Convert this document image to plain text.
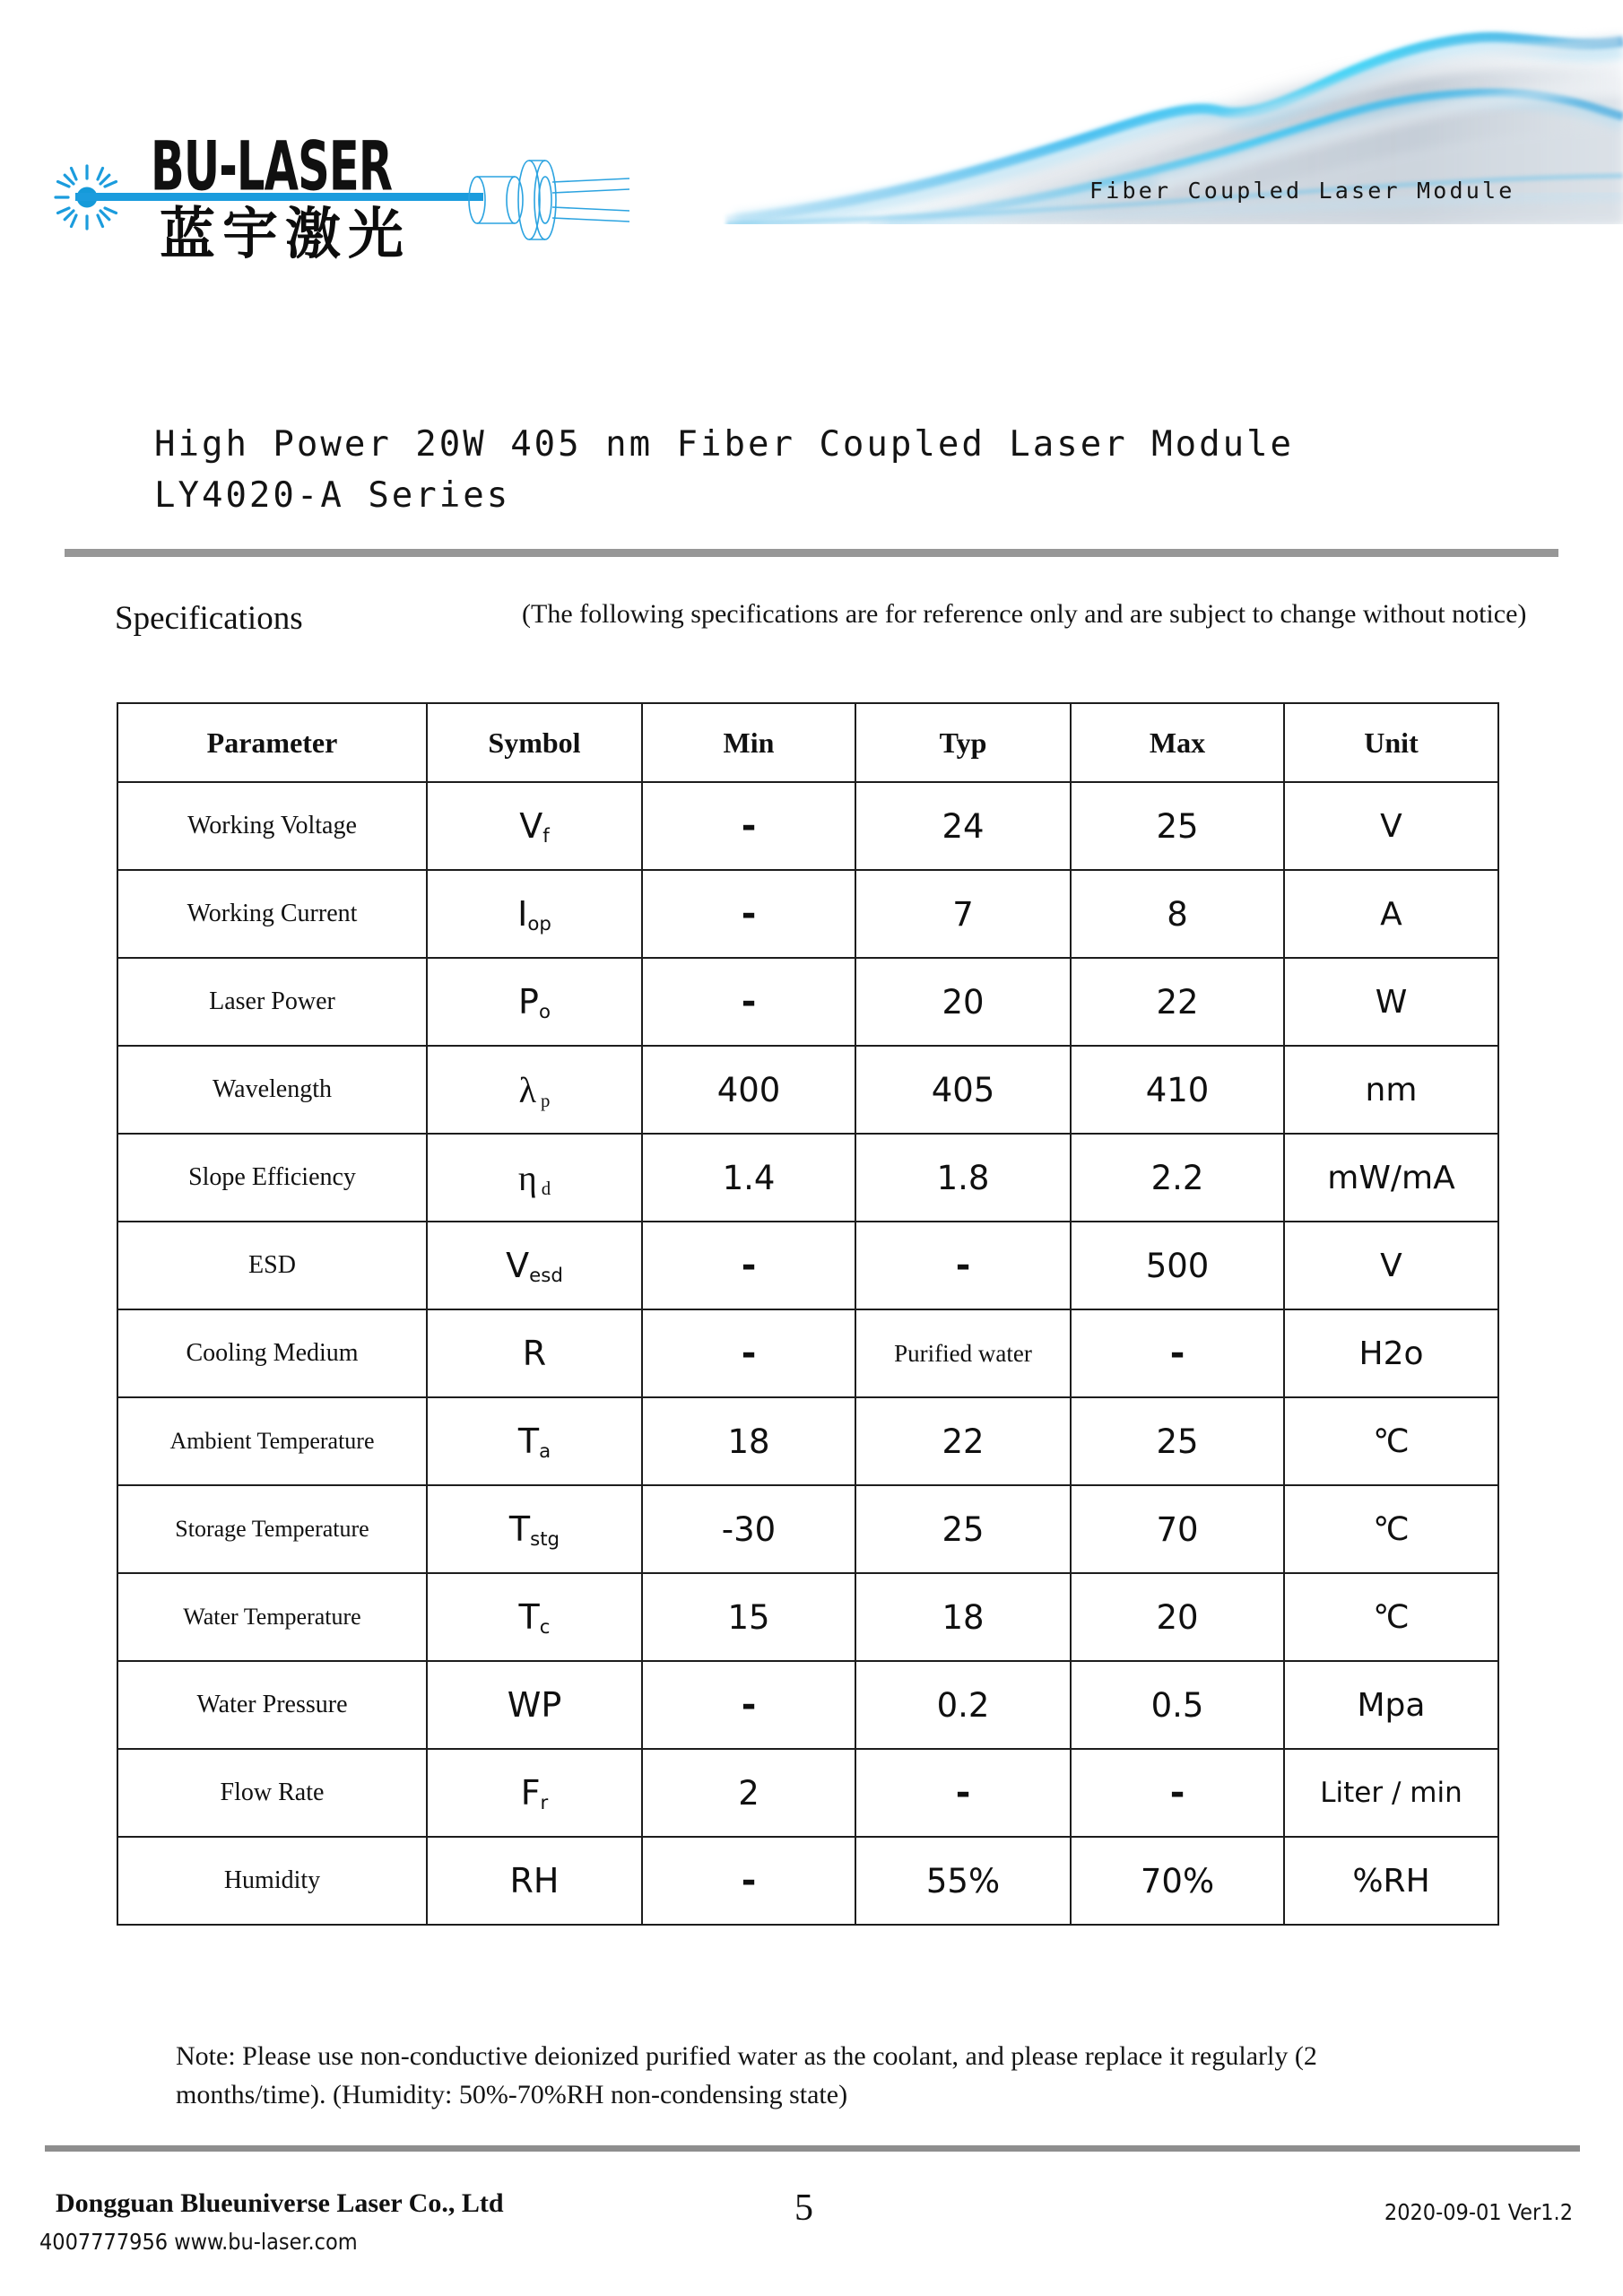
Fiber Coupled Laser Module
BU-LASER
蓝宇激光
High Power 20W 405 nm Fiber Coupled Laser Module
LY4020-A Series
Specifications	(The following specifications are for reference only and are subject to change without notice)
Parameter	Symbol	Min	Typ	Max	Unit
Working Voltage	$V_f$	-	24	25	V
Working Current	$I_{op}$	-	7	8	A
Laser Power	$P_o$	-	20	22	W
Wavelength	λ $_p$	400	405	410	nm
Slope Efficiency	η $_d$	1.4	1.8	2.2	mW/mA
ESD	$V_{esd}$	-	-	500	V
Cooling Medium	R	-	Purified water	-	H2o
Ambient Temperature	$T_a$	18	22	25	℃
Storage Temperature	$T_{stg}$	-30	25	70	℃
Water Temperature	$T_c$	15	18	20	℃
Water Pressure	WP	-	0.2	0.5	Mpa
Flow Rate	$F_r$	2	-	-	Liter / min
Humidity	RH	-	55%	70%	%RH
Note: Please use non-conductive deionized purified water as the coolant, and please replace it regularly (2 months/time). (Humidity: 50%-70%RH non-condensing state)
Dongguan Blueuniverse Laser Co., Ltd
4007777956 www.bu-laser.com
5	2020-09-01 Ver1.2
